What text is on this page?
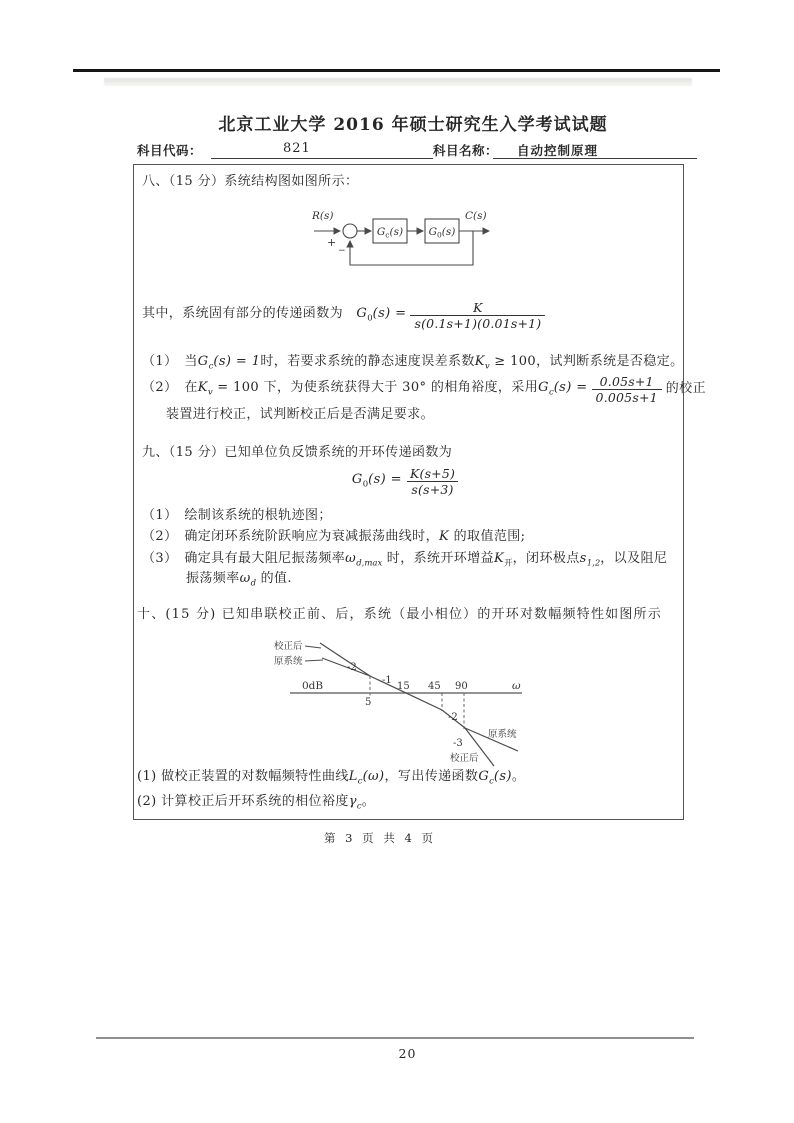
北京工业大学 2016 年硕士研究生入学考试试题
科目代码：	821	科目名称： 自动控制原理
八、（15 分）系统结构图如图所示：
R(s)	C(s)
+
−
$G_c(s)$ $G_0(s)$
其中，系统固有部分的传递函数为　$G_0(s) = \frac{K}{s(0.1s+1)(0.01s+1)}$
（1）　当$G_c(s) = 1$时，若要求系统的静态速度误差系数$K_v \ge 100$，试判断系统是否稳定。
（2）　在$K_v = 100$ 下，为使系统获得大于 30° 的相角裕度，采用$G_c(s) = \frac{0.05s+1}{0.005s+1}$ 的校正
装置进行校正，试判断校正后是否满足要求。
九、（15 分）已知单位负反馈系统的开环传递函数为
$G_0(s) = \frac{K(s+5)}{s(s+3)}$
（1）　绘制该系统的根轨迹图；
（2）　确定闭环系统阶跃响应为衰减振荡曲线时，K 的取值范围;
（3）　确定具有最大阻尼振荡频率$\omega_{d,max}$ 时，系统开环增益$K_开$，闭环极点$s_{1,2}$，以及阻尼
振荡频率$\omega_d$ 的值.
十、(15 分) 已知串联校正前、后，系统（最小相位）的开环对数幅频特性如图所示
0dB
5
15 45 90	ω
校正后
原系统
-2
-1
-2
-3
原系统
校正后
(1) 做校正装置的对数幅频特性曲线$L_c(\omega)$，写出传递函数$G_c(s)$。
(2) 计算校正后开环系统的相位裕度$\gamma_c$。
第 3 页 共 4 页
20
